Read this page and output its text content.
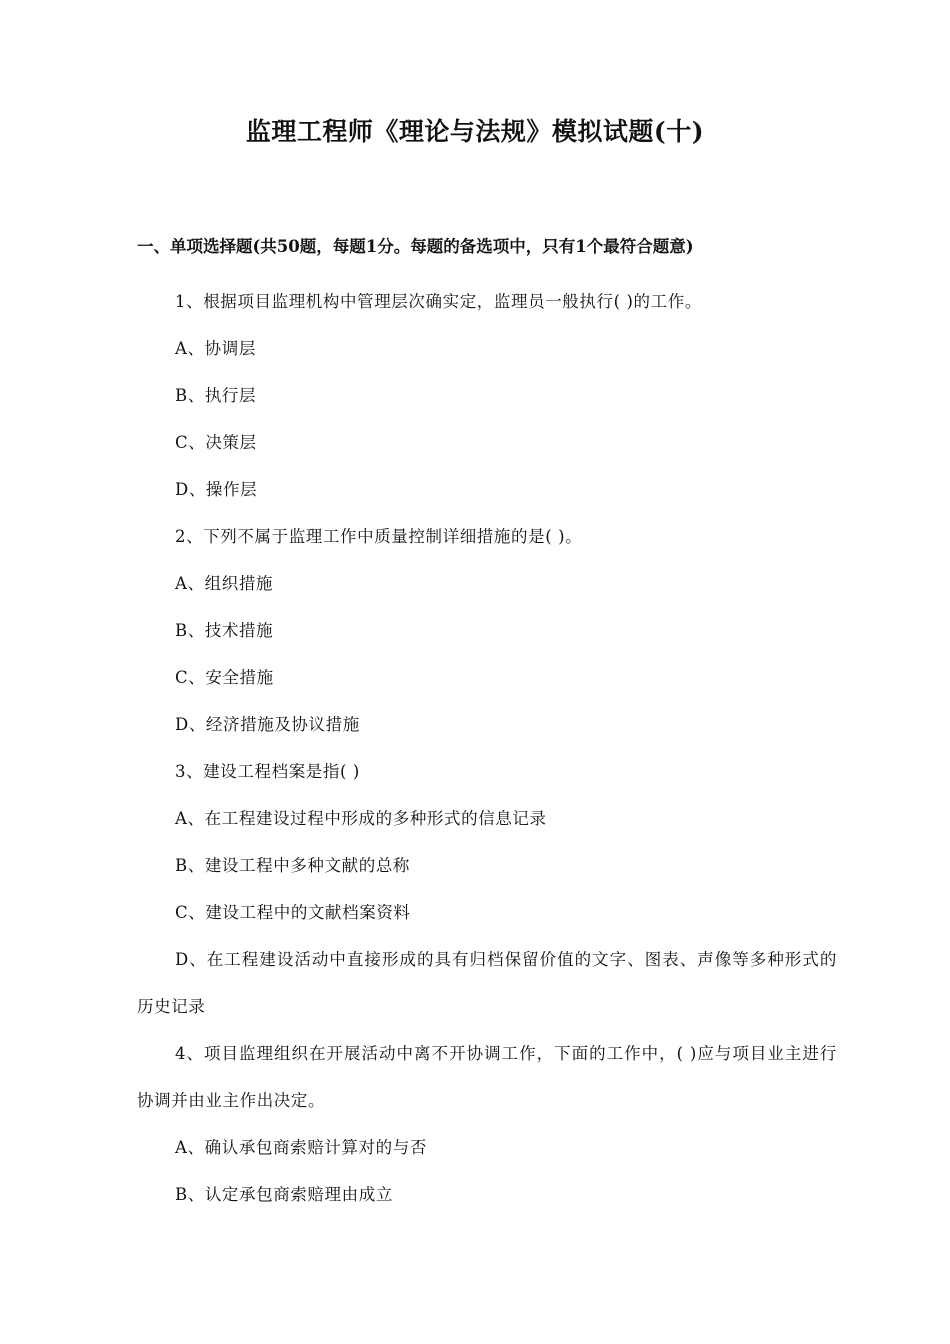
监理工程师《理论与法规》模拟试题(十)
一、单项选择题(共50题，每题1分。每题的备选项中，只有1个最符合题意)

1、根据项目监理机构中管理层次确实定，监理员一般执行( )的工作。

A、协调层

B、执行层

C、决策层

D、操作层

2、下列不属于监理工作中质量控制详细措施的是( )。

A、组织措施

B、技术措施

C、安全措施

D、经济措施及协议措施

3、建设工程档案是指( )

A、在工程建设过程中形成的多种形式的信息记录

B、建设工程中多种文献的总称

C、建设工程中的文献档案资料

D、在工程建设活动中直接形成的具有归档保留价值的文字、图表、声像等多种形式的历史记录

4、项目监理组织在开展活动中离不开协调工作，下面的工作中，( )应与项目业主进行协调并由业主作出决定。

A、确认承包商索赔计算对的与否

B、认定承包商索赔理由成立
